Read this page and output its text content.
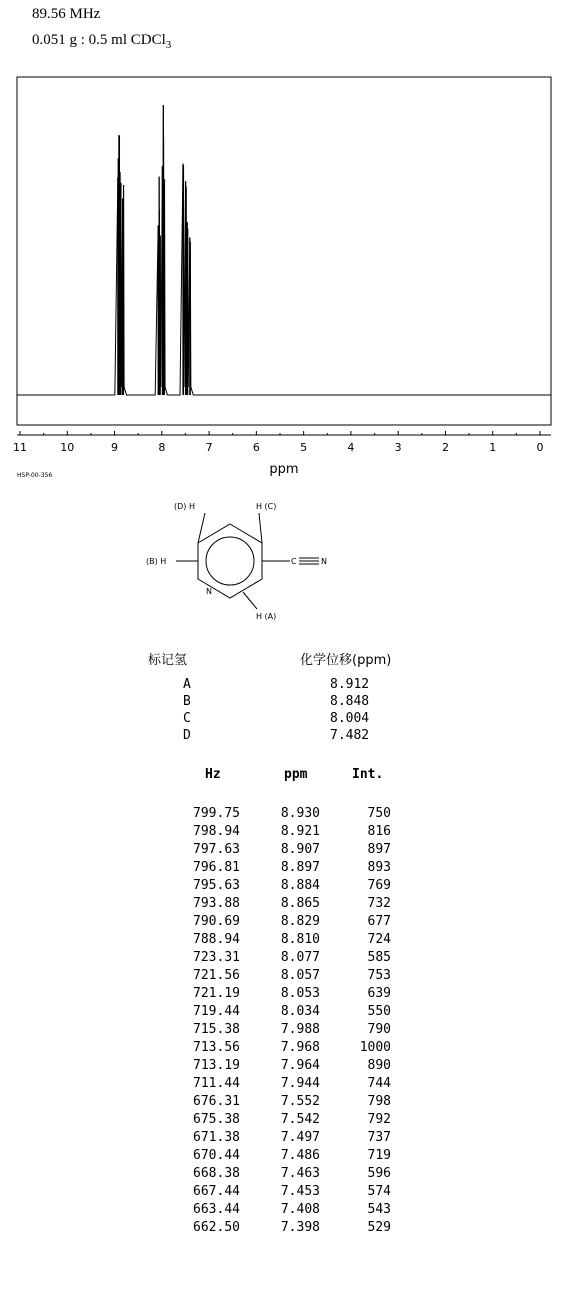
89.56 MHz
0.051 g : 0.5 ml CDCl$_3$
11	10	9	8	7	6	5	4	3	2	1	0
ppm
HSP-00-356
(D) H	H (C)
(B) H
H (A)
N
C	N
标记氢	化学位移(ppm)
A	8.912
B	8.848
C	8.004
D	7.482
Hz	ppm	Int.
799.75	8.930	750
798.94	8.921	816
797.63	8.907	897
796.81	8.897	893
795.63	8.884	769
793.88	8.865	732
790.69	8.829	677
788.94	8.810	724
723.31	8.077	585
721.56	8.057	753
721.19	8.053	639
719.44	8.034	550
715.38	7.988	790
713.56	7.968	1000
713.19	7.964	890
711.44	7.944	744
676.31	7.552	798
675.38	7.542	792
671.38	7.497	737
670.44	7.486	719
668.38	7.463	596
667.44	7.453	574
663.44	7.408	543
662.50	7.398	529
